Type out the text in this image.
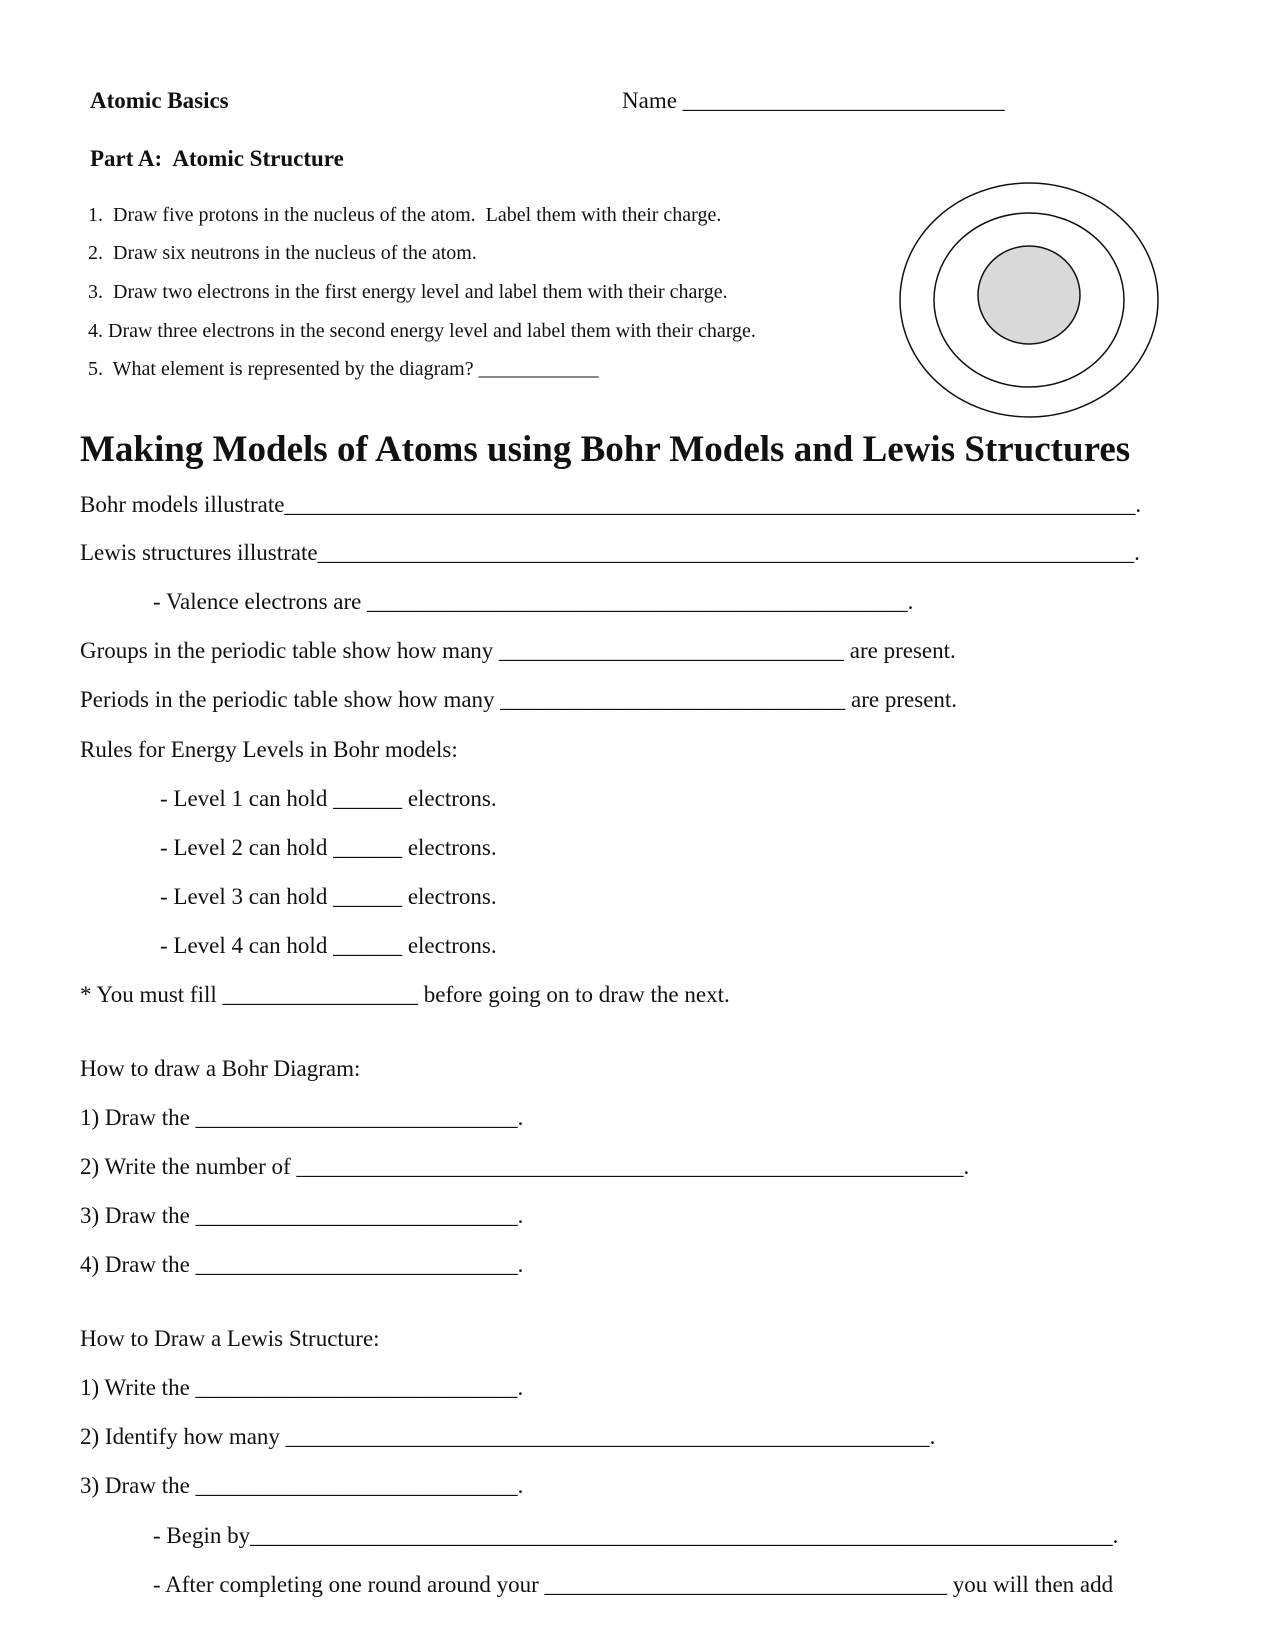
Atomic Basics	Name ____________________________
Part A:  Atomic Structure
1.  Draw five protons in the nucleus of the atom.  Label them with their charge.
2.  Draw six neutrons in the nucleus of the atom.
3.  Draw two electrons in the first energy level and label them with their charge.
4. Draw three electrons in the second energy level and label them with their charge.
5.  What element is represented by the diagram? ____________
Making Models of Atoms using Bohr Models and Lewis Structures
Bohr models illustrate__________________________________________________________________________.
Lewis structures illustrate_______________________________________________________________________.
- Valence electrons are _______________________________________________.
Groups in the periodic table show how many ______________________________ are present.
Periods in the periodic table show how many ______________________________ are present.
Rules for Energy Levels in Bohr models:
- Level 1 can hold ______ electrons.
- Level 2 can hold ______ electrons.
- Level 3 can hold ______ electrons.
- Level 4 can hold ______ electrons.
* You must fill _________________ before going on to draw the next.
How to draw a Bohr Diagram:
1) Draw the ____________________________.
2) Write the number of __________________________________________________________.
3) Draw the ____________________________.
4) Draw the ____________________________.
How to Draw a Lewis Structure:
1) Write the ____________________________.
2) Identify how many ________________________________________________________.
3) Draw the ____________________________.
- Begin by___________________________________________________________________________.
- After completing one round around your ___________________________________ you will then add
